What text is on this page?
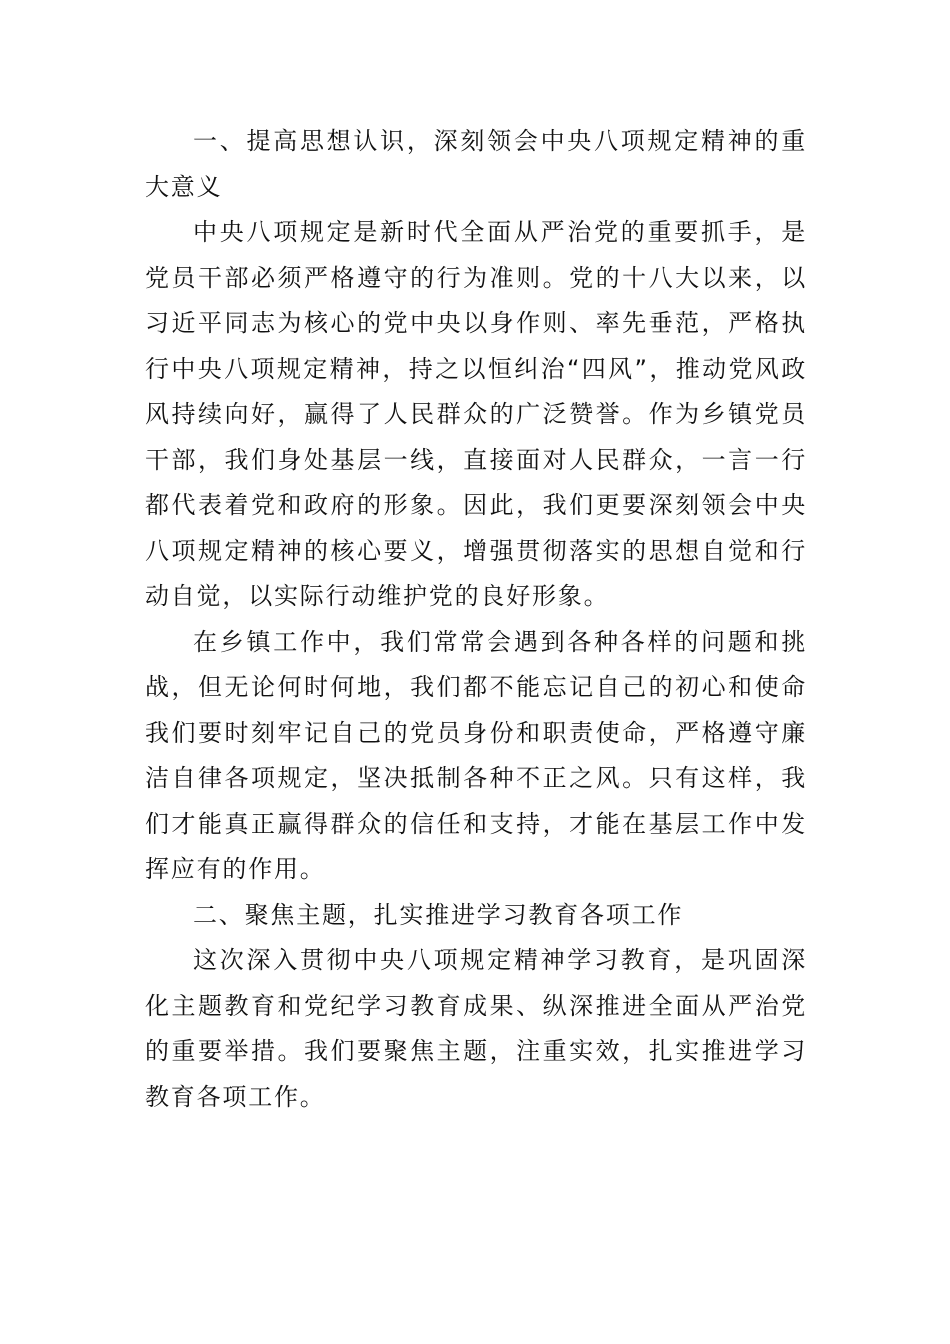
一、提高思想认识，深刻领会中央八项规定精神的重大意义

中央八项规定是新时代全面从严治党的重要抓手，是党员干部必须严格遵守的行为准则。党的十八大以来，以习近平同志为核心的党中央以身作则、率先垂范，严格执行中央八项规定精神，持之以恒纠治“四风”，推动党风政风持续向好，赢得了人民群众的广泛赞誉。作为乡镇党员干部，我们身处基层一线，直接面对人民群众，一言一行都代表着党和政府的形象。因此，我们更要深刻领会中央八项规定精神的核心要义，增强贯彻落实的思想自觉和行动自觉，以实际行动维护党的良好形象。

在乡镇工作中，我们常常会遇到各种各样的问题和挑战，但无论何时何地，我们都不能忘记自己的初心和使命我们要时刻牢记自己的党员身份和职责使命，严格遵守廉洁自律各项规定，坚决抵制各种不正之风。只有这样，我们才能真正赢得群众的信任和支持，才能在基层工作中发挥应有的作用。

二、聚焦主题，扎实推进学习教育各项工作

这次深入贯彻中央八项规定精神学习教育，是巩固深化主题教育和党纪学习教育成果、纵深推进全面从严治党的重要举措。我们要聚焦主题，注重实效，扎实推进学习教育各项工作。
